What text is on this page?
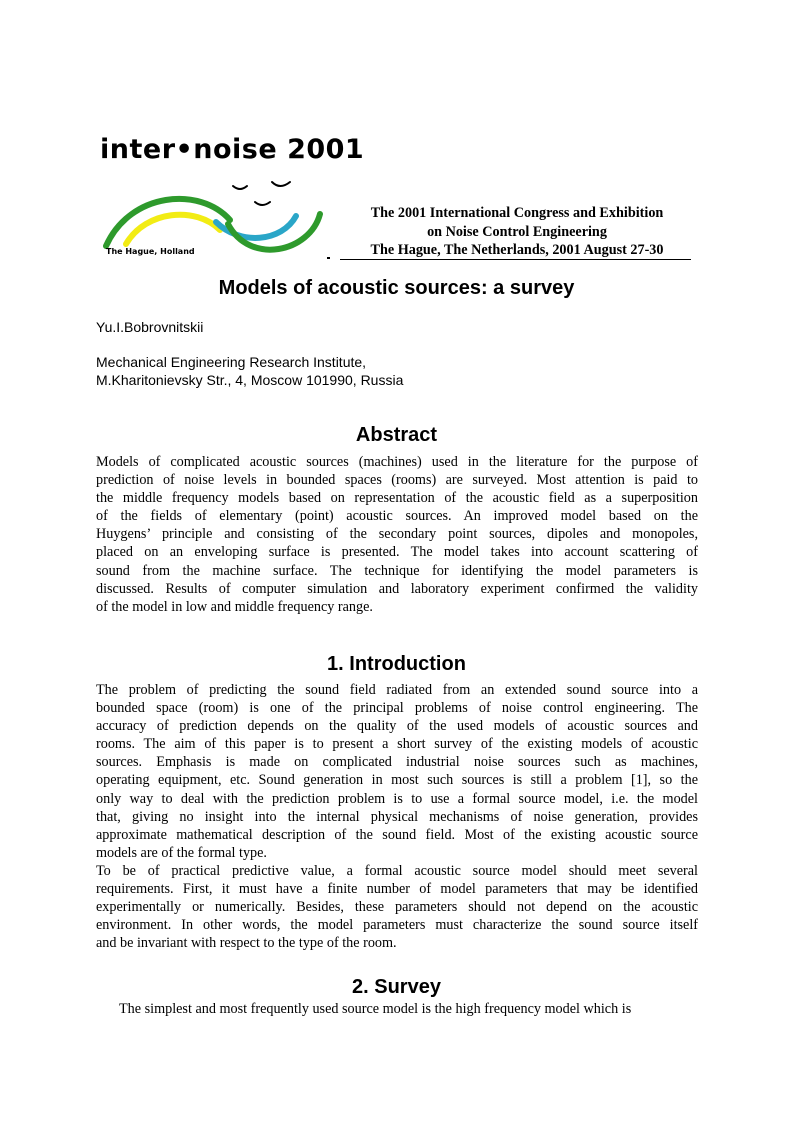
inter•noise 2001
The Hague, Holland
The 2001 International Congress and Exhibition
on Noise Control Engineering
The Hague, The Netherlands, 2001 August 27-30
Models of acoustic sources: a survey
Yu.I.Bobrovnitskii
Mechanical Engineering Research Institute,
M.Kharitonievsky Str., 4, Moscow 101990, Russia
Abstract
Models of complicated acoustic sources (machines) used in the literature for the purpose of
prediction of noise levels in bounded spaces (rooms) are surveyed. Most attention is paid to
the middle frequency models based on representation of the acoustic field as a superposition
of the fields of elementary (point) acoustic sources. An improved model based on the
Huygens’ principle and consisting of the secondary point sources, dipoles and monopoles,
placed on an enveloping surface is presented. The model takes into account scattering of
sound from the machine surface. The technique for identifying the model parameters is
discussed. Results of computer simulation and laboratory experiment confirmed the validity
of the model in low and middle frequency range.
1. Introduction
The problem of predicting the sound field radiated from an extended sound source into a
bounded space (room) is one of the principal problems of noise control engineering. The
accuracy of prediction depends on the quality of the used models of acoustic sources and
rooms. The aim of this paper is to present a short survey of the existing models of acoustic
sources. Emphasis is made on complicated industrial noise sources such as machines,
operating equipment, etc. Sound generation in most such sources is still a problem [1], so the
only way to deal with the prediction problem is to use a formal source model, i.e. the model
that, giving no insight into the internal physical mechanisms of noise generation, provides
approximate mathematical description of the sound field. Most of the existing acoustic source
models are of the formal type.
To be of practical predictive value, a formal acoustic source model should meet several
requirements. First, it must have a finite number of model parameters that may be identified
experimentally or numerically. Besides, these parameters should not depend on the acoustic
environment. In other words, the model parameters must characterize the sound source itself
and be invariant with respect to the type of the room.
2. Survey
The simplest and most frequently used source model is the high frequency model which is
